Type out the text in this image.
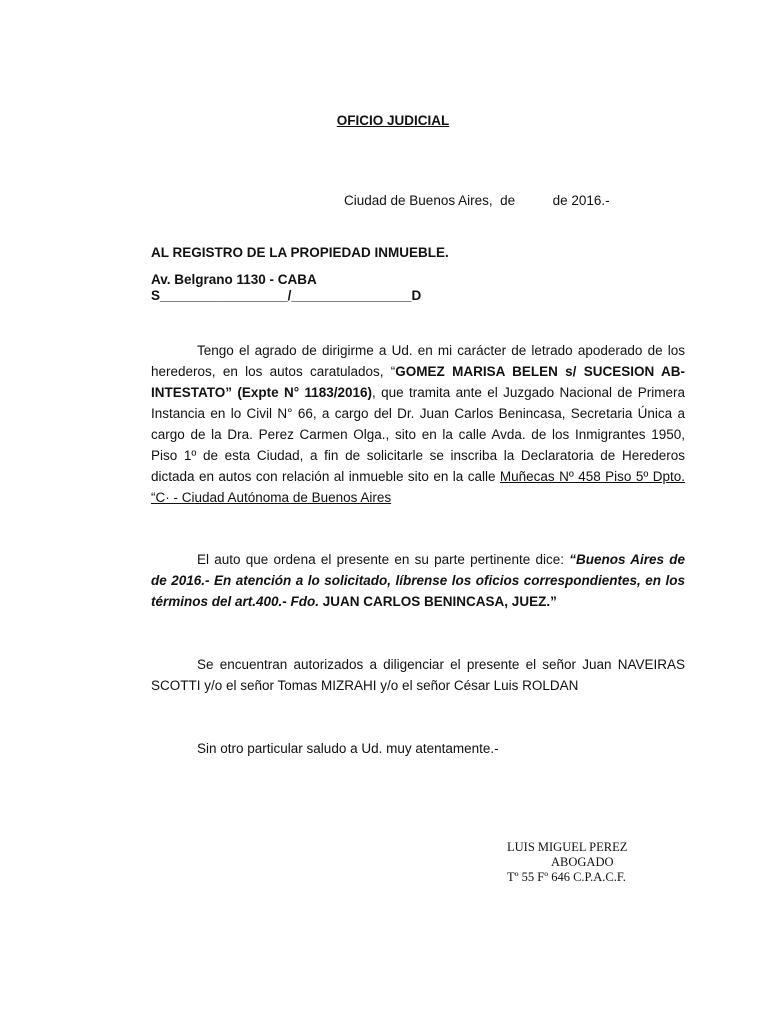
OFICIO JUDICIAL
Ciudad de Buenos Aires,  de          de 2016.-
AL REGISTRO DE LA PROPIEDAD INMUEBLE.
Av. Belgrano 1130 - CABA
S_________________/________________D
Tengo el agrado de dirigirme a Ud. en mi carácter de letrado apoderado de los herederos, en los autos caratulados, “GOMEZ MARISA BELEN s/ SUCESION AB- INTESTATO” (Expte N° 1183/2016), que tramita ante el Juzgado Nacional de Primera Instancia en lo Civil N° 66, a cargo del Dr. Juan Carlos Benincasa, Secretaria Única a cargo de la Dra. Perez Carmen Olga., sito en la calle Avda. de los Inmigrantes 1950, Piso 1º de esta Ciudad, a fin de solicitarle se inscriba la Declaratoria de Herederos dictada en autos con relación al inmueble sito en la calle Muñecas Nº 458 Piso 5º Dpto. “C· - Ciudad Autónoma de Buenos Aires
El auto que ordena el presente en su parte pertinente dice: “Buenos Aires de de 2016.- En atención a lo solicitado, líbrense los oficios correspondientes, en los términos del art.400.- Fdo. JUAN CARLOS BENINCASA, JUEZ.”
Se encuentran autorizados a diligenciar el presente el señor Juan NAVEIRAS SCOTTI y/o el señor Tomas MIZRAHI y/o el señor César Luis ROLDAN
Sin otro particular saludo a Ud. muy atentamente.-
LUIS MIGUEL PEREZ
ABOGADO
Tº 55 Fº 646 C.P.A.C.F.
